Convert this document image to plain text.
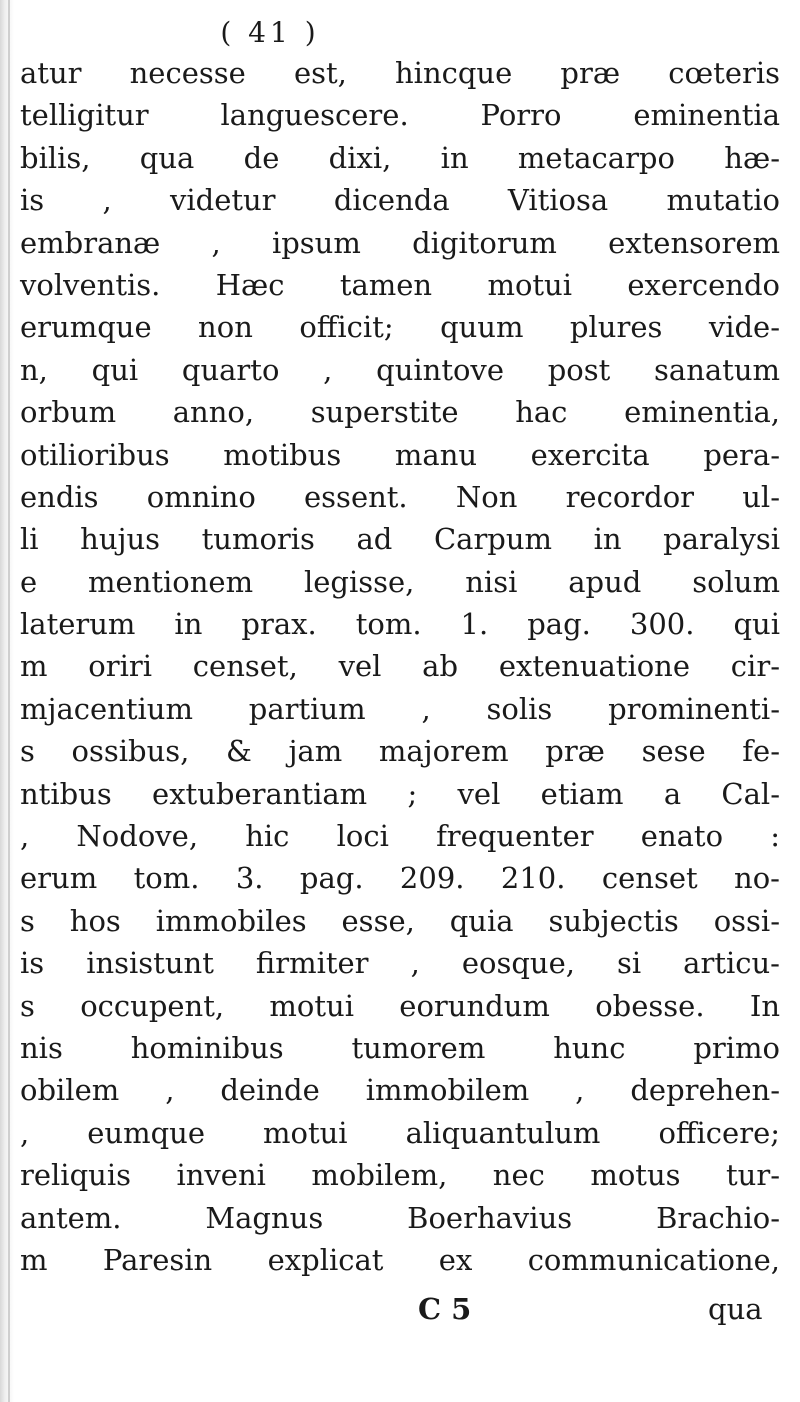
( 41 )
atur necesse est, hincque præ cœteris
telligitur languescere. Porro eminentia
bilis, qua de dixi, in metacarpo hæ-
is , videtur dicenda Vitiosa mutatio
embranæ , ipsum digitorum extensorem
volventis. Hæc tamen motui exercendo
erumque non officit; quum plures vide-
n, qui quarto , quintove post sanatum
orbum anno, superstite hac eminentia,
otilioribus motibus manu exercita pera-
endis omnino essent. Non recordor ul-
li hujus tumoris ad Carpum in paralysi
e mentionem legisse, nisi apud solum
laterum in prax. tom. 1. pag. 300. qui
m oriri censet, vel ab extenuatione cir-
mjacentium partium , solis prominenti-
s ossibus, & jam majorem præ sese fe-
ntibus extuberantiam ; vel etiam a Cal-
, Nodove, hic loci frequenter enato :
erum tom. 3. pag. 209. 210. censet no-
s hos immobiles esse, quia subjectis ossi-
is insistunt firmiter , eosque, si articu-
s occupent, motui eorundum obesse. In
nis hominibus tumorem hunc primo
obilem , deinde immobilem , deprehen-
, eumque motui aliquantulum officere;
reliquis inveni mobilem, nec motus tur-
antem. Magnus Boerhavius Brachio-
m Paresin explicat ex communicatione,
C 5	qua
